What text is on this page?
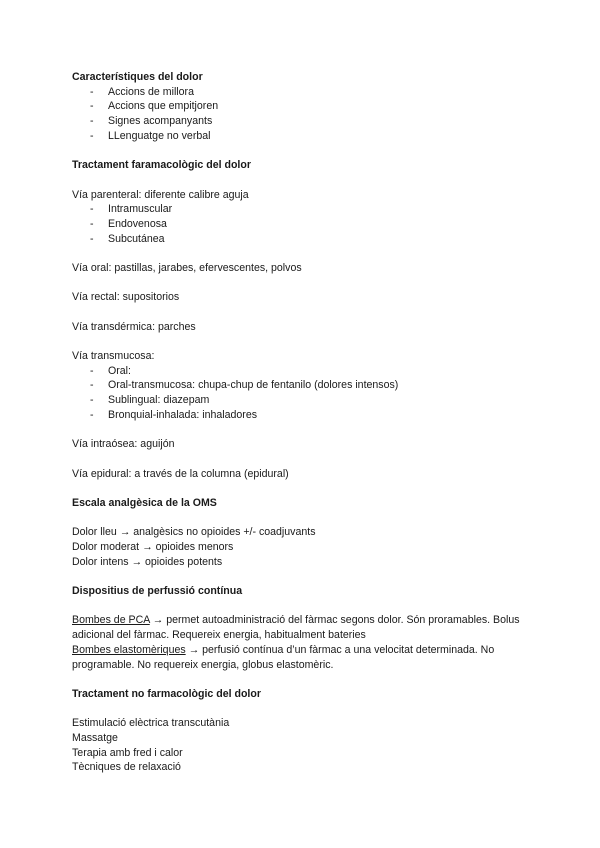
Característiques del dolor
- Accions de millora
- Accions que empitjoren
- Signes acompanyants
- LLenguatge no verbal
Tractament faramacològic del dolor
Vía parenteral: diferente calibre aguja
- Intramuscular
- Endovenosa
- Subcutánea
Vía oral: pastillas, jarabes, efervescentes, polvos
Vía rectal: supositorios
Vía transdérmica: parches
Vía transmucosa:
- Oral:
- Oral-transmucosa: chupa-chup de fentanilo (dolores intensos)
- Sublingual: diazepam
- Bronquial-inhalada: inhaladores
Vía intraósea: aguijón
Vía epidural: a través de la columna (epidural)
Escala analgèsica de la OMS
Dolor lleu → analgèsics no opioides +/- coadjuvants
Dolor moderat → opioides menors
Dolor intens → opioides potents
Dispositius de perfussió contínua
Bombes de PCA → permet autoadministració del fàrmac segons dolor. Són proramables. Bolus adicional del fàrmac. Requereix energia, habitualment bateries
Bombes elastomèriques → perfusió contínua d’un fàrmac a una velocitat determinada. No programable. No requereix energia, globus elastomèric.
Tractament no farmacològic del dolor
Estimulació elèctrica transcutània
Massatge
Terapia amb fred i calor
Tècniques de relaxació
